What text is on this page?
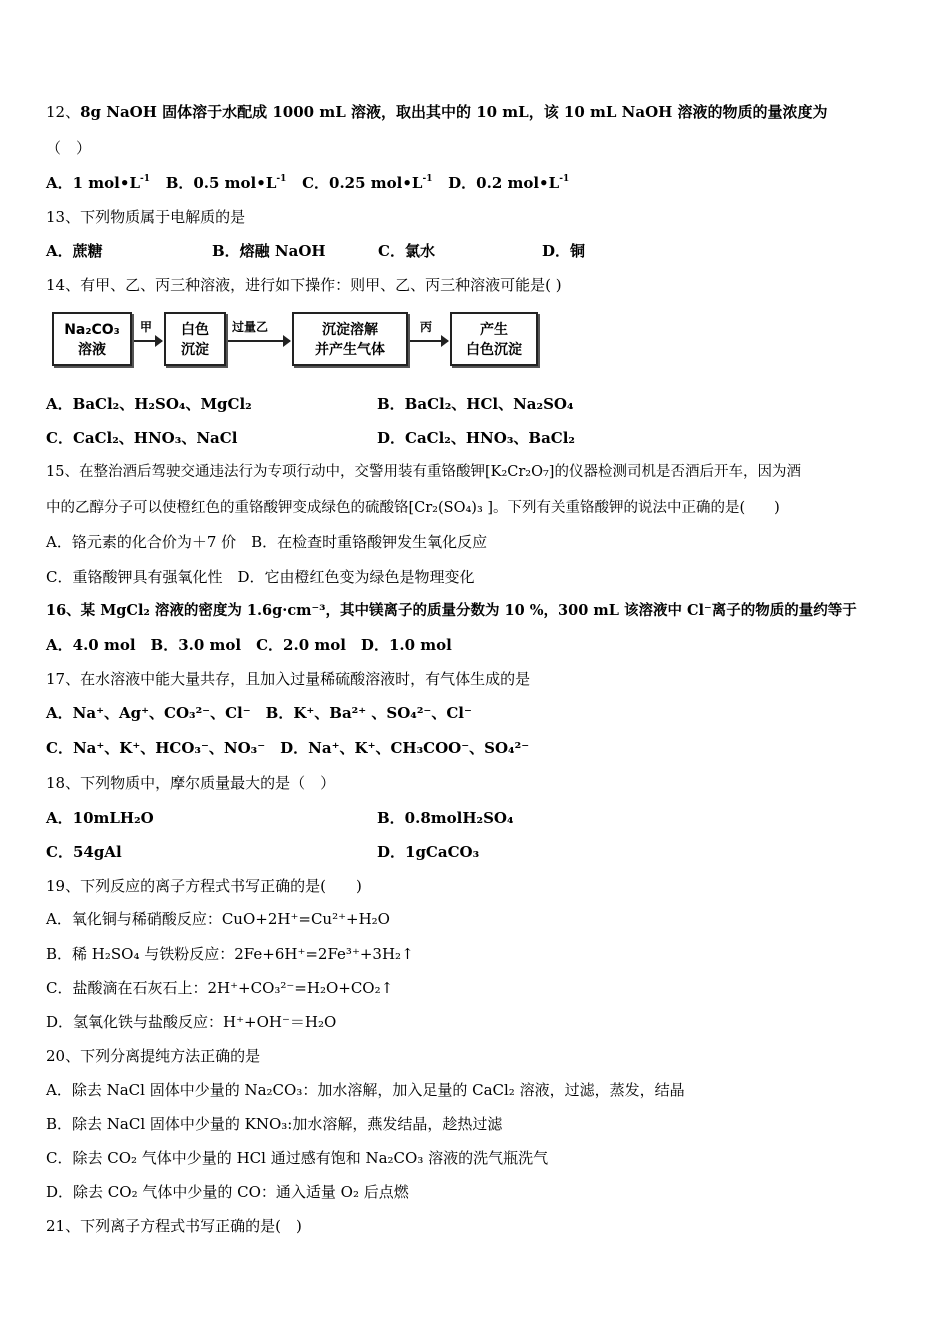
12、8g NaOH 固体溶于水配成 1000 mL 溶液，取出其中的 10 mL，该 10 mL NaOH 溶液的物质的量浓度为
（　）
A．1 $mol•L^{-1}$ B．0.5 $mol•L^{-1}$ C．0.25 $mol•L^{-1}$ D．0.2 $mol•L^{-1}$
13、下列物质属于电解质的是
A．蔗糖	B．熔融 NaOH	C．氯水	D．铜
14、有甲、乙、丙三种溶液，进行如下操作：则甲、乙、丙三种溶液可能是( )
Na₂CO₃
溶液
甲	白色
沉淀
过量乙	沉淀溶解
并产生气体
丙	产生
白色沉淀
A．BaCl₂、H₂SO₄、MgCl₂	B．BaCl₂、HCl、Na₂SO₄
C．CaCl₂、HNO₃、NaCl	D．CaCl₂、HNO₃、BaCl₂
15、在整治酒后驾驶交通违法行为专项行动中，交警用装有重铬酸钾[K₂Cr₂O₇]的仪器检测司机是否酒后开车，因为酒
中的乙醇分子可以使橙红色的重铬酸钾变成绿色的硫酸铬[Cr₂(SO₄)₃ ]。下列有关重铬酸钾的说法中正确的是(　　)
A．铬元素的化合价为＋7 价　B．在检查时重铬酸钾发生氧化反应
C．重铬酸钾具有强氧化性　D．它由橙红色变为绿色是物理变化
16、某 MgCl₂ 溶液的密度为 1.6g·cm⁻³，其中镁离子的质量分数为 10 %，300 mL 该溶液中 Cl⁻离子的物质的量约等于
A．4.0 mol　B．3.0 mol　C．2.0 mol　D．1.0 mol
17、在水溶液中能大量共存，且加入过量稀硫酸溶液时，有气体生成的是
A．Na⁺、Ag⁺、CO₃²⁻、Cl⁻　B．K⁺、Ba²⁺ 、SO₄²⁻、Cl⁻
C．Na⁺、K⁺、HCO₃⁻、NO₃⁻　D．Na⁺、K⁺、CH₃COO⁻、SO₄²⁻
18、下列物质中，摩尔质量最大的是（　）
A．10mLH₂O	B．0.8molH₂SO₄
C．54gAl	D．1gCaCO₃
19、下列反应的离子方程式书写正确的是(　　)
A．氧化铜与稀硝酸反应：CuO+2H⁺=Cu²⁺+H₂O
B．稀 H₂SO₄ 与铁粉反应：2Fe+6H⁺=2Fe³⁺+3H₂↑
C．盐酸滴在石灰石上：2H⁺+CO₃²⁻=H₂O+CO₂↑
D．氢氧化铁与盐酸反应：H⁺+OH⁻＝H₂O
20、下列分离提纯方法正确的是
A．除去 NaCl 固体中少量的 Na₂CO₃：加水溶解，加入足量的 CaCl₂ 溶液，过滤，蒸发，结晶
B．除去 NaCl 固体中少量的 KNO₃:加水溶解，燕发结晶，趁热过滤
C．除去 CO₂ 气体中少量的 HCl 通过感有饱和 Na₂CO₃ 溶液的洗气瓶洗气
D．除去 CO₂ 气体中少量的 CO：通入适量 O₂ 后点燃
21、下列离子方程式书写正确的是(　)
